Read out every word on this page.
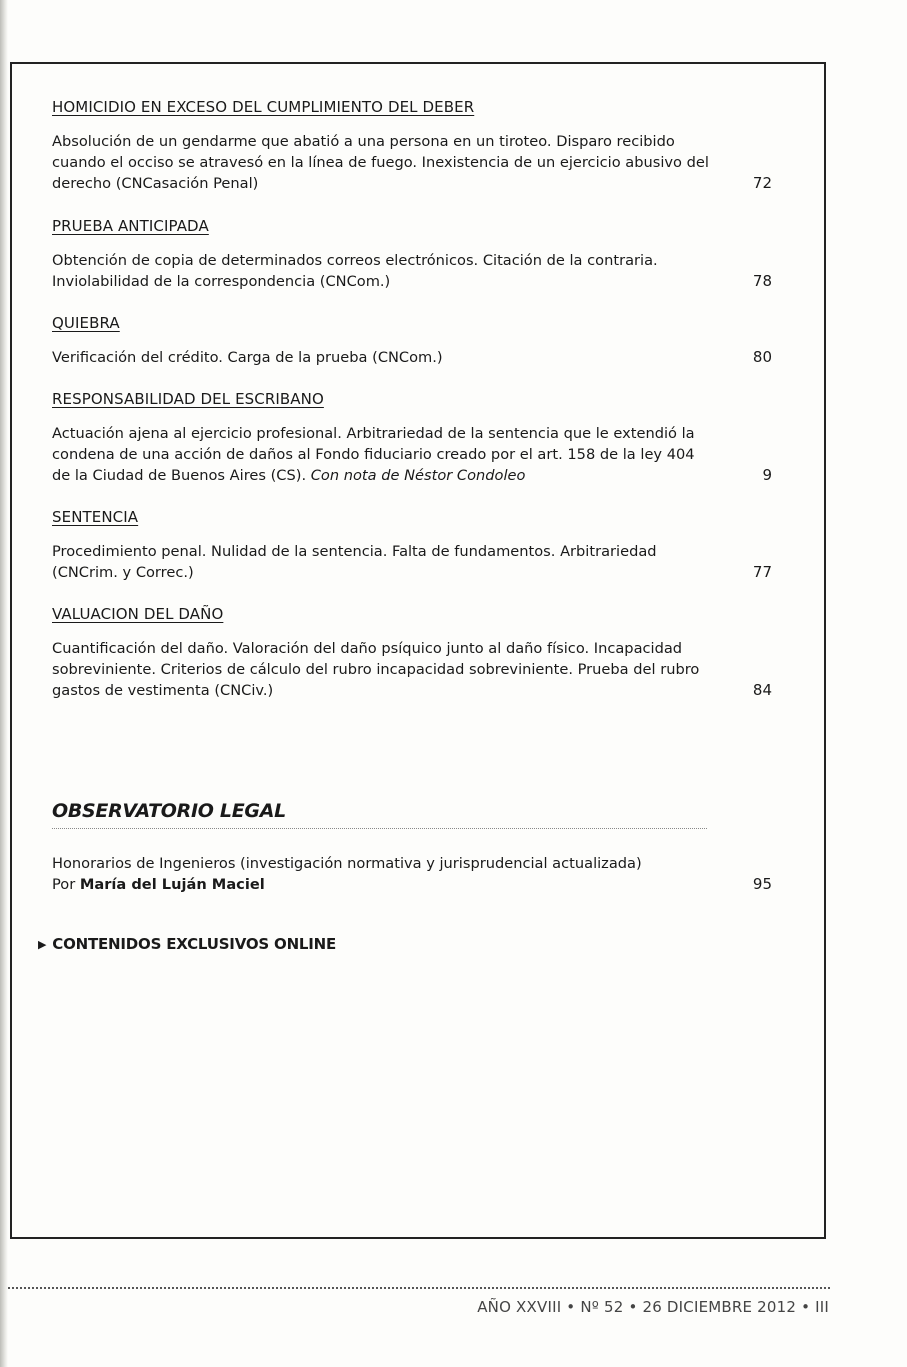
HOMICIDIO EN EXCESO DEL CUMPLIMIENTO DEL DEBER
Absolución de un gendarme que abatió a una persona en un tiroteo. Disparo recibido cuando el occiso se atravesó en la línea de fuego. Inexistencia de un ejercicio abusivo del derecho (CNCasación Penal)	72
PRUEBA ANTICIPADA
Obtención de copia de determinados correos electrónicos. Citación de la contraria. Inviolabilidad de la correspondencia (CNCom.)	78
QUIEBRA
Verificación del crédito. Carga de la prueba (CNCom.)	80
RESPONSABILIDAD DEL ESCRIBANO
Actuación ajena al ejercicio profesional. Arbitrariedad de la sentencia que le extendió la condena de una acción de daños al Fondo fiduciario creado por el art. 158 de la ley 404 de la Ciudad de Buenos Aires (CS). Con nota de Néstor Condoleo	9
SENTENCIA
Procedimiento penal. Nulidad de la sentencia. Falta de fundamentos. Arbitrariedad (CNCrim. y Correc.)	77
VALUACION DEL DAÑO
Cuantificación del daño. Valoración del daño psíquico junto al daño físico. Incapacidad sobreviniente. Criterios de cálculo del rubro incapacidad sobreviniente. Prueba del rubro gastos de vestimenta (CNCiv.)	84
OBSERVATORIO LEGAL
Honorarios de Ingenieros (investigación normativa y jurisprudencial actualizada)
Por María del Luján Maciel	95
▶ CONTENIDOS EXCLUSIVOS ONLINE
AÑO XXVIII • Nº 52 • 26 DICIEMBRE 2012 • III
